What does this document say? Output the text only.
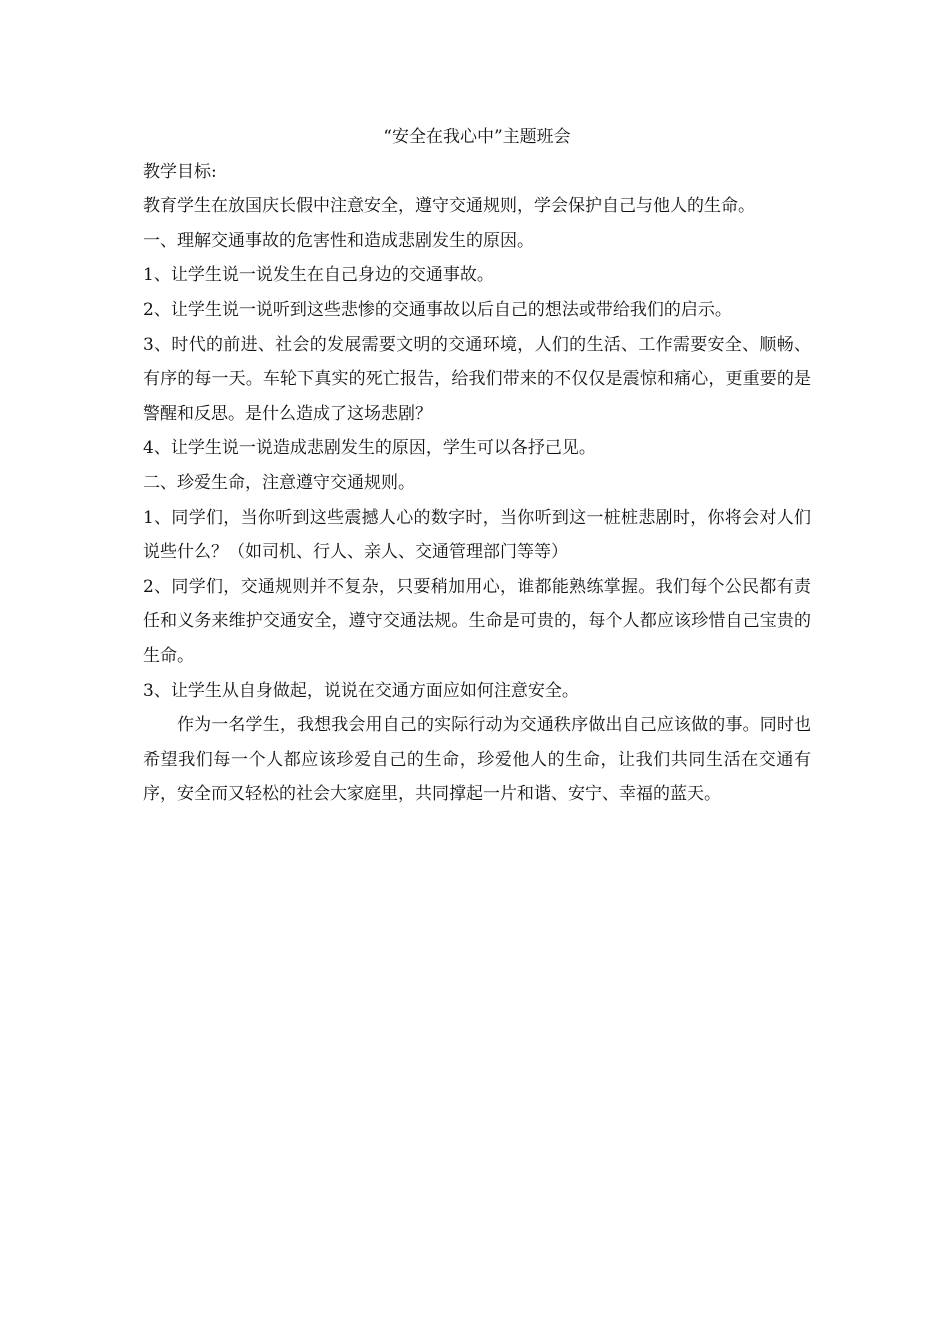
“安全在我心中”主题班会

教学目标:

教育学生在放国庆长假中注意安全，遵守交通规则，学会保护自己与他人的生命。

一、理解交通事故的危害性和造成悲剧发生的原因。

1、让学生说一说发生在自己身边的交通事故。

2、让学生说一说听到这些悲惨的交通事故以后自己的想法或带给我们的启示。

3、时代的前进、社会的发展需要文明的交通环境，人们的生活、工作需要安全、顺畅、有序的每一天。车轮下真实的死亡报告，给我们带来的不仅仅是震惊和痛心，更重要的是警醒和反思。是什么造成了这场悲剧？

4、让学生说一说造成悲剧发生的原因，学生可以各抒己见。

二、珍爱生命，注意遵守交通规则。

1、同学们，当你听到这些震撼人心的数字时，当你听到这一桩桩悲剧时，你将会对人们说些什么？（如司机、行人、亲人、交通管理部门等等）

2、同学们，交通规则并不复杂，只要稍加用心，谁都能熟练掌握。我们每个公民都有责任和义务来维护交通安全，遵守交通法规。生命是可贵的，每个人都应该珍惜自己宝贵的生命。

3、让学生从自身做起，说说在交通方面应如何注意安全。

作为一名学生，我想我会用自己的实际行动为交通秩序做出自己应该做的事。同时也希望我们每一个人都应该珍爱自己的生命，珍爱他人的生命，让我们共同生活在交通有序，安全而又轻松的社会大家庭里，共同撑起一片和谐、安宁、幸福的蓝天。
